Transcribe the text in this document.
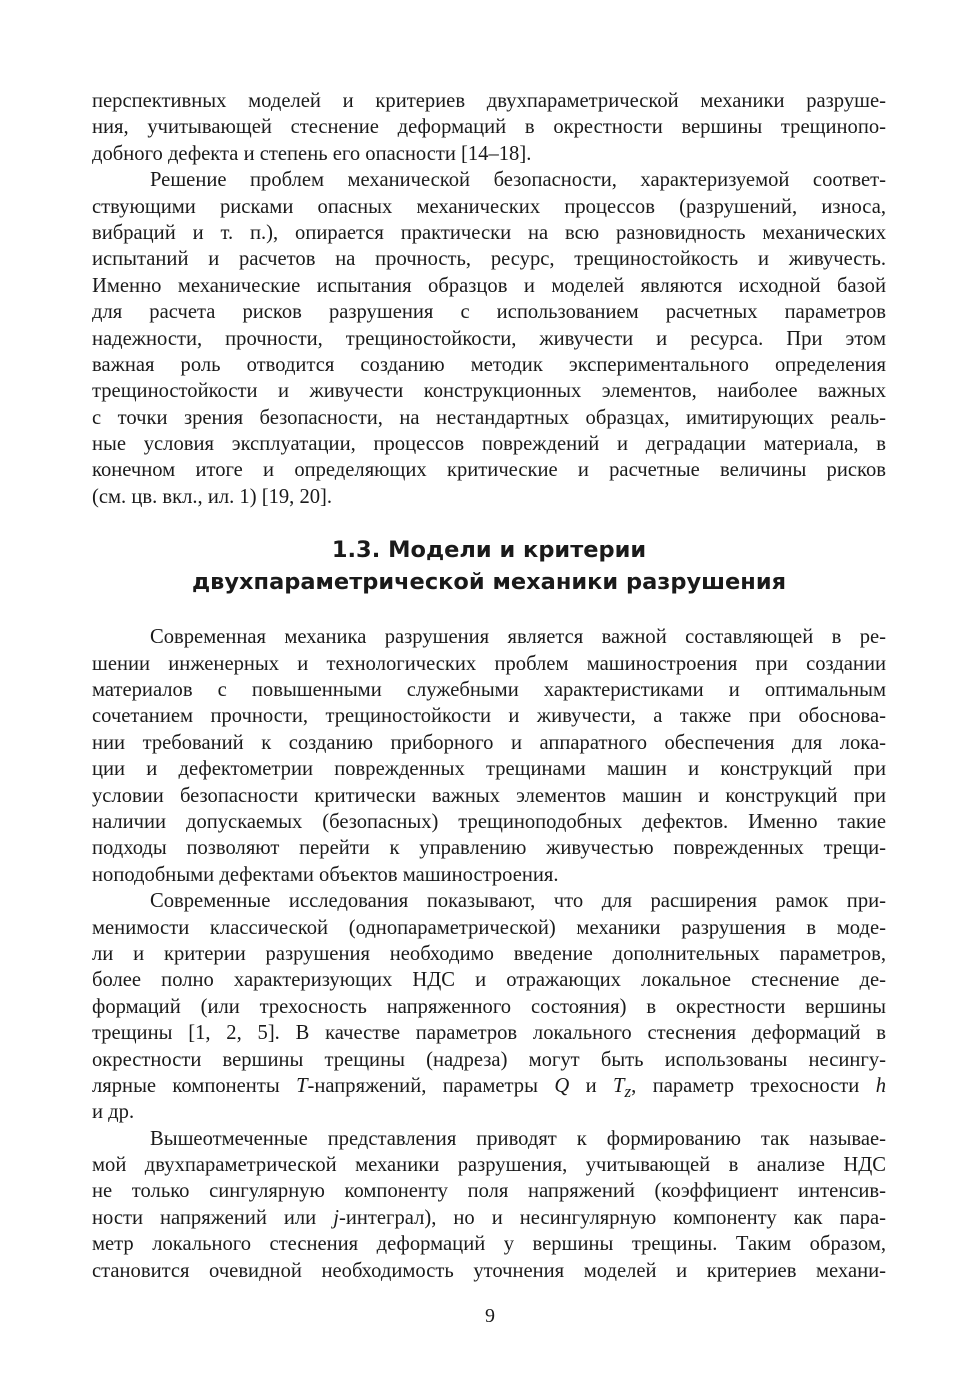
перспективных моделей и критериев двухпараметрической механики разруше-
ния, учитывающей стеснение деформаций в окрестности вершины трещинопо-
добного дефекта и степень его опасности [14–18].
Решение проблем механической безопасности, характеризуемой соответ-
ствующими рисками опасных механических процессов (разрушений, износа,
вибраций и т. п.), опирается практически на всю разновидность механических
испытаний и расчетов на прочность, ресурс, трещиностойкость и живучесть.
Именно механические испытания образцов и моделей являются исходной базой
для расчета рисков разрушения с использованием расчетных параметров
надежности, прочности, трещиностойкости, живучести и ресурса. При этом
важная роль отводится созданию методик экспериментального определения
трещиностойкости и живучести конструкционных элементов, наиболее важных
с точки зрения безопасности, на нестандартных образцах, имитирующих реаль-
ные условия эксплуатации, процессов повреждений и деградации материала, в
конечном итоге и определяющих критические и расчетные величины рисков
(см. цв. вкл., ил. 1) [19, 20].
1.3. Модели и критерии
двухпараметрической механики разрушения
Современная механика разрушения является важной составляющей в ре-
шении инженерных и технологических проблем машиностроения при создании
материалов с повышенными служебными характеристиками и оптимальным
сочетанием прочности, трещиностойкости и живучести, а также при обоснова-
нии требований к созданию приборного и аппаратного обеспечения для лока-
ции и дефектометрии поврежденных трещинами машин и конструкций при
условии безопасности критически важных элементов машин и конструкций при
наличии допускаемых (безопасных) трещиноподобных дефектов. Именно такие
подходы позволяют перейти к управлению живучестью поврежденных трещи-
ноподобными дефектами объектов машиностроения.
Современные исследования показывают, что для расширения рамок при-
менимости классической (однопараметрической) механики разрушения в моде-
ли и критерии разрушения необходимо введение дополнительных параметров,
более полно характеризующих НДС и отражающих локальное стеснение де-
формаций (или трехосность напряженного состояния) в окрестности вершины
трещины [1, 2, 5]. В качестве параметров локального стеснения деформаций в
окрестности вершины трещины (надреза) могут быть использованы несингу-
лярные компоненты T-напряжений, параметры Q и $T_z$, параметр трехосности h
и др.
Вышеотмеченные представления приводят к формированию так называе-
мой двухпараметрической механики разрушения, учитывающей в анализе НДС
не только сингулярную компоненту поля напряжений (коэффициент интенсив-
ности напряжений или j-интеграл), но и несингулярную компоненту как пара-
метр локального стеснения деформаций у вершины трещины. Таким образом,
становится очевидной необходимость уточнения моделей и критериев механи-
9
